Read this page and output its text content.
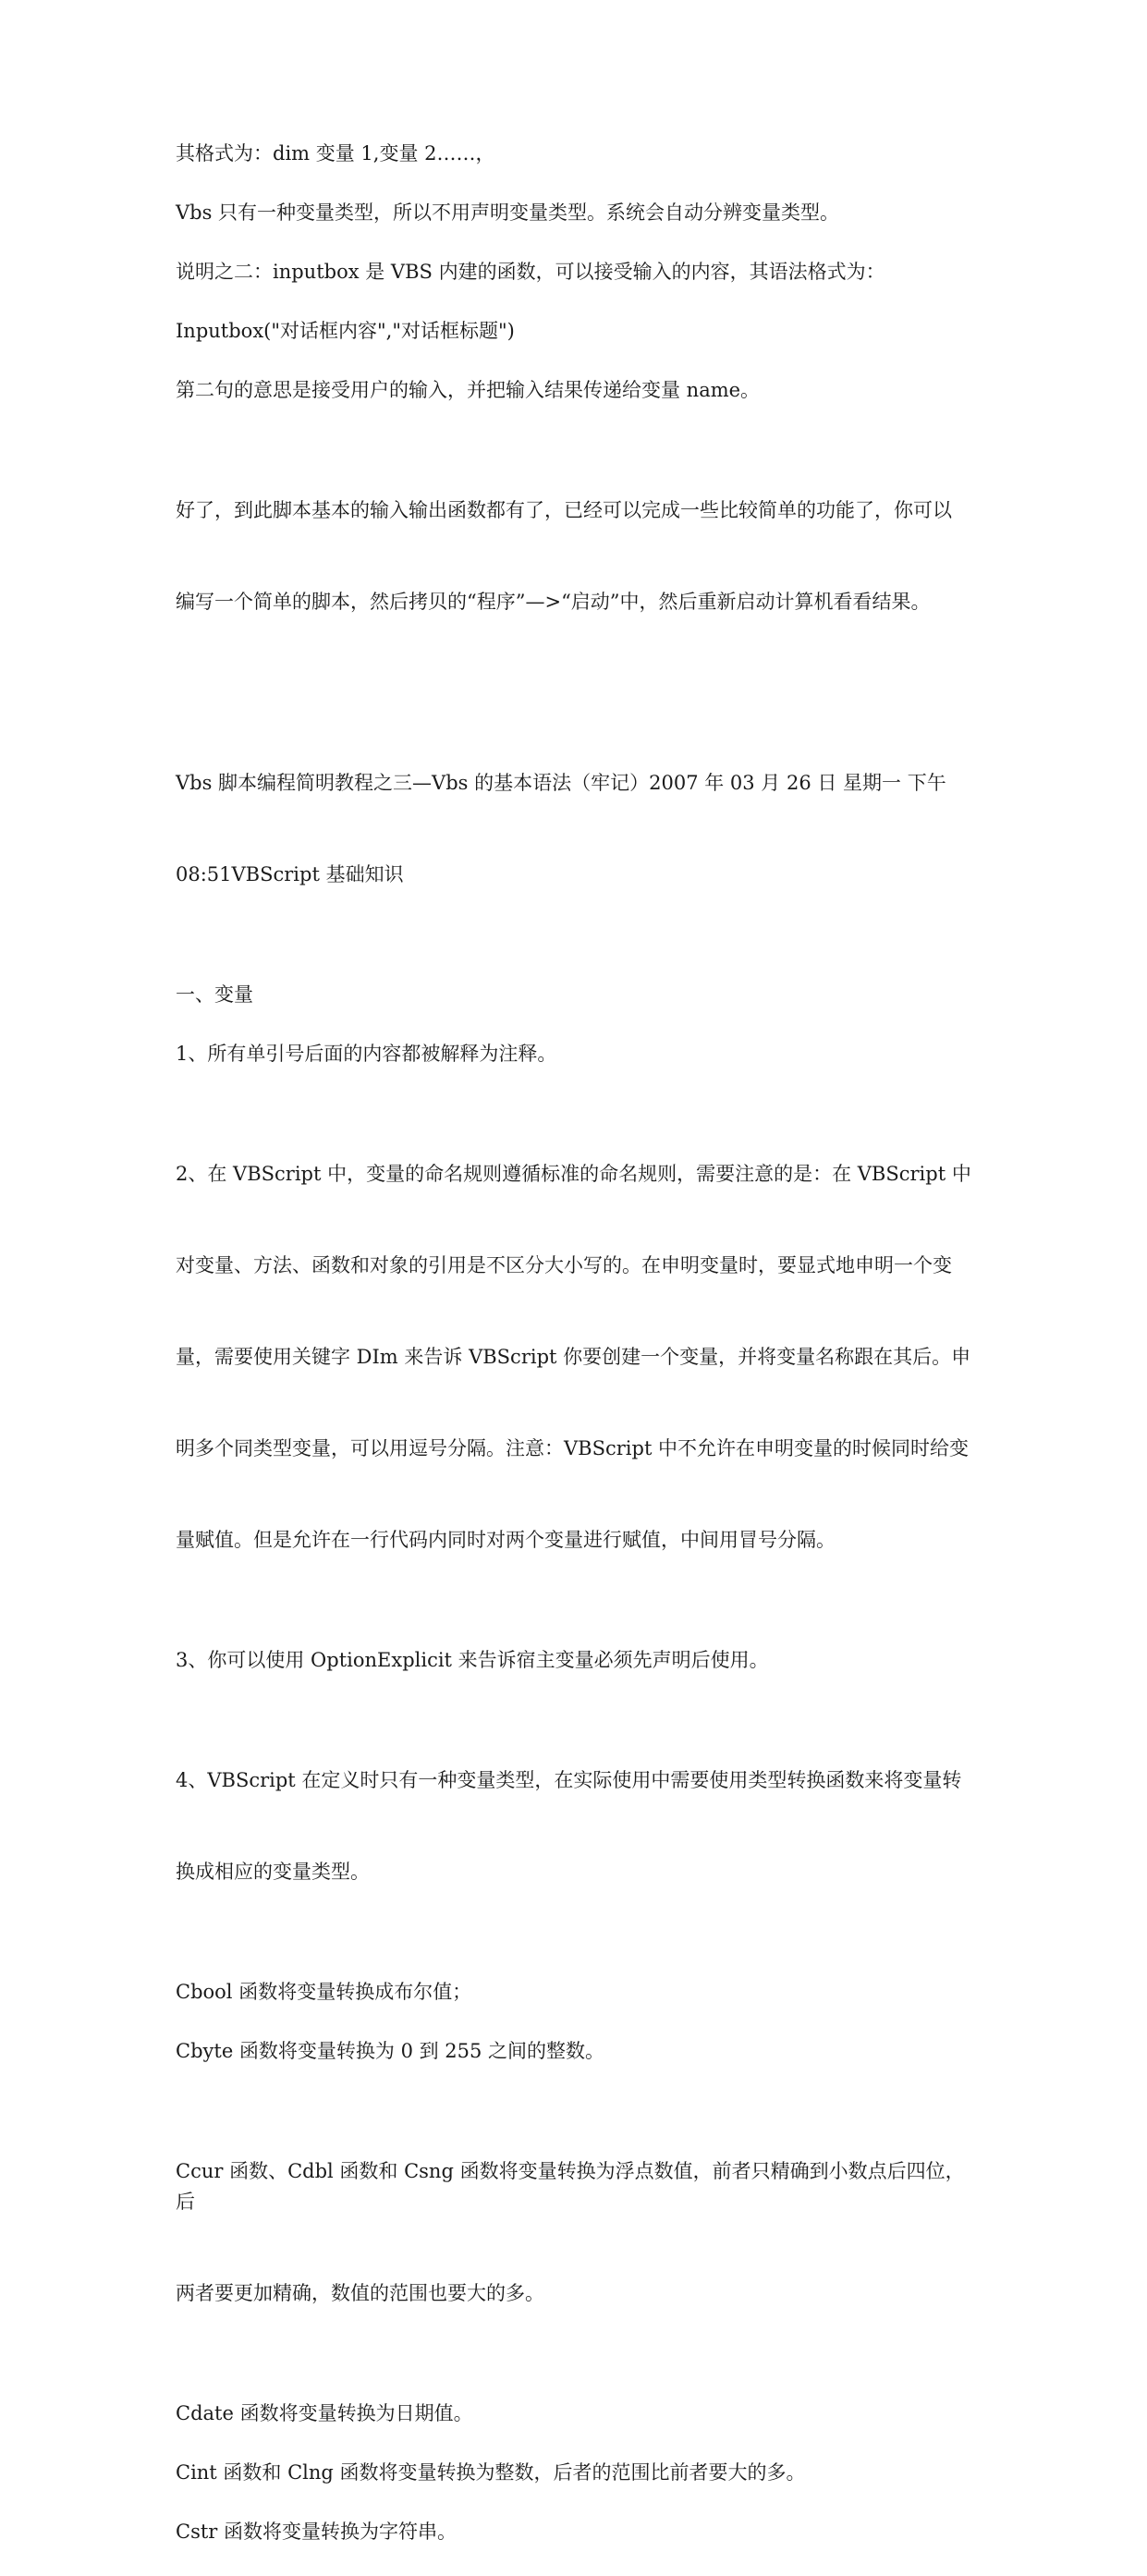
其格式为：dim 变量 1,变量 2……，

Vbs 只有一种变量类型，所以不用声明变量类型。系统会自动分辨变量类型。

说明之二：inputbox 是 VBS 内建的函数，可以接受输入的内容，其语法格式为：

Inputbox("对话框内容","对话框标题")

第二句的意思是接受用户的输入，并把输入结果传递给变量 name。

好了，到此脚本基本的输入输出函数都有了，已经可以完成一些比较简单的功能了，你可以

编写一个简单的脚本，然后拷贝的“程序”—>“启动”中，然后重新启动计算机看看结果。

Vbs 脚本编程简明教程之三—Vbs 的基本语法（牢记）2007 年 03 月 26 日 星期一 下午

08:51VBScript 基础知识

一、变量

1、所有单引号后面的内容都被解释为注释。

2、在 VBScript 中，变量的命名规则遵循标准的命名规则，需要注意的是：在 VBScript 中

对变量、方法、函数和对象的引用是不区分大小写的。在申明变量时，要显式地申明一个变

量，需要使用关键字 DIm 来告诉 VBScript 你要创建一个变量，并将变量名称跟在其后。申

明多个同类型变量，可以用逗号分隔。注意：VBScript 中不允许在申明变量的时候同时给变

量赋值。但是允许在一行代码内同时对两个变量进行赋值，中间用冒号分隔。

3、你可以使用 OptionExplicit 来告诉宿主变量必须先声明后使用。

4、VBScript 在定义时只有一种变量类型，在实际使用中需要使用类型转换函数来将变量转

换成相应的变量类型。

Cbool 函数将变量转换成布尔值；

Cbyte 函数将变量转换为 0 到 255 之间的整数。

Ccur 函数、Cdbl 函数和 Csng 函数将变量转换为浮点数值，前者只精确到小数点后四位，后

两者要更加精确，数值的范围也要大的多。

Cdate 函数将变量转换为日期值。

Cint 函数和 Clng 函数将变量转换为整数，后者的范围比前者要大的多。

Cstr 函数将变量转换为字符串。
